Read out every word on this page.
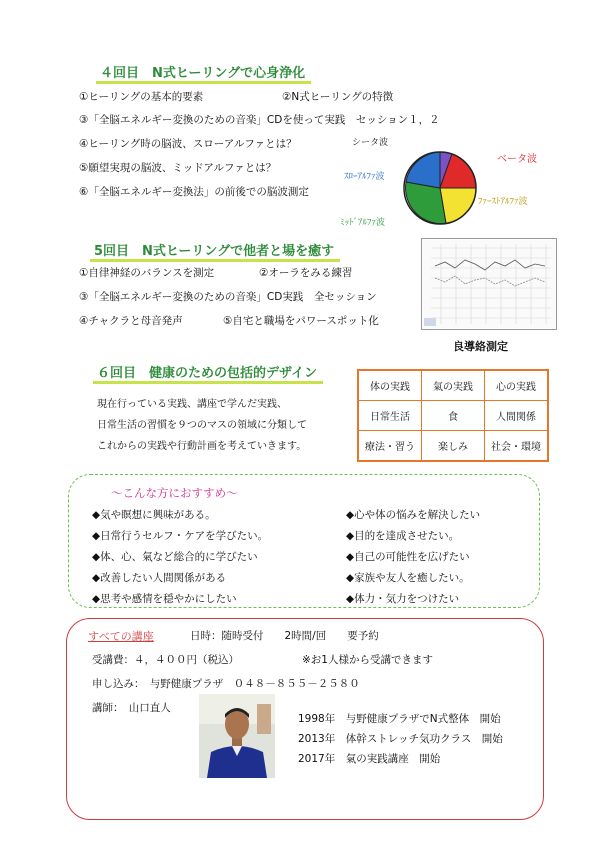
４回目　N式ヒーリングで心身浄化
①ヒーリングの基本的要素	②N式ヒーリングの特徴
③「全脳エネルギー変換のための音楽」CDを使って実践　セッション１，２
④ヒーリング時の脳波、スローアルファとは？
⑤願望実現の脳波、ミッドアルファとは？
⑥「全脳エネルギー変換法」の前後での脳波測定
シータ波
ベータ波
ｽﾛｰｱﾙﾌｧ波
ﾌｧｰｽﾄｱﾙﾌｧ波
ﾐｯﾄﾞｱﾙﾌｧ波
5回目　N式ヒーリングで他者と場を癒す
①自律神経のバランスを測定	②オーラをみる練習
③「全脳エネルギー変換のための音楽」CD実践　全セッション
④チャクラと母音発声	⑤自宅と職場をパワースポット化
良導絡測定
６回目　健康のための包括的デザイン
現在行っている実践、講座で学んだ実践、
日常生活の習慣を９つのマスの領域に分類して
これからの実践や行動計画を考えていきます。
体の実践	氣の実践	心の実践
日常生活	食	人間関係
療法・習う	楽しみ	社会・環境
～こんな方におすすめ～
◆気や瞑想に興味がある。
◆日常行うセルフ・ケアを学びたい。
◆体、心、氣など総合的に学びたい
◆改善したい人間関係がある
◆思考や感情を穏やかにしたい
◆心や体の悩みを解決したい
◆目的を達成させたい。
◆自己の可能性を広げたい
◆家族や友人を癒したい。
◆体力・気力をつけたい
すべての講座	日時：随時受付　　2時間/回　　要予約
受講費：４，４００円（税込）	※お1人様から受講できます
申し込み：　与野健康プラザ　０４８－８５５－２５８０
講師：　山口直人
1998年　与野健康プラザでN式整体　開始
2013年　体幹ストレッチ気功クラス　開始
2017年　氣の実践講座　開始
